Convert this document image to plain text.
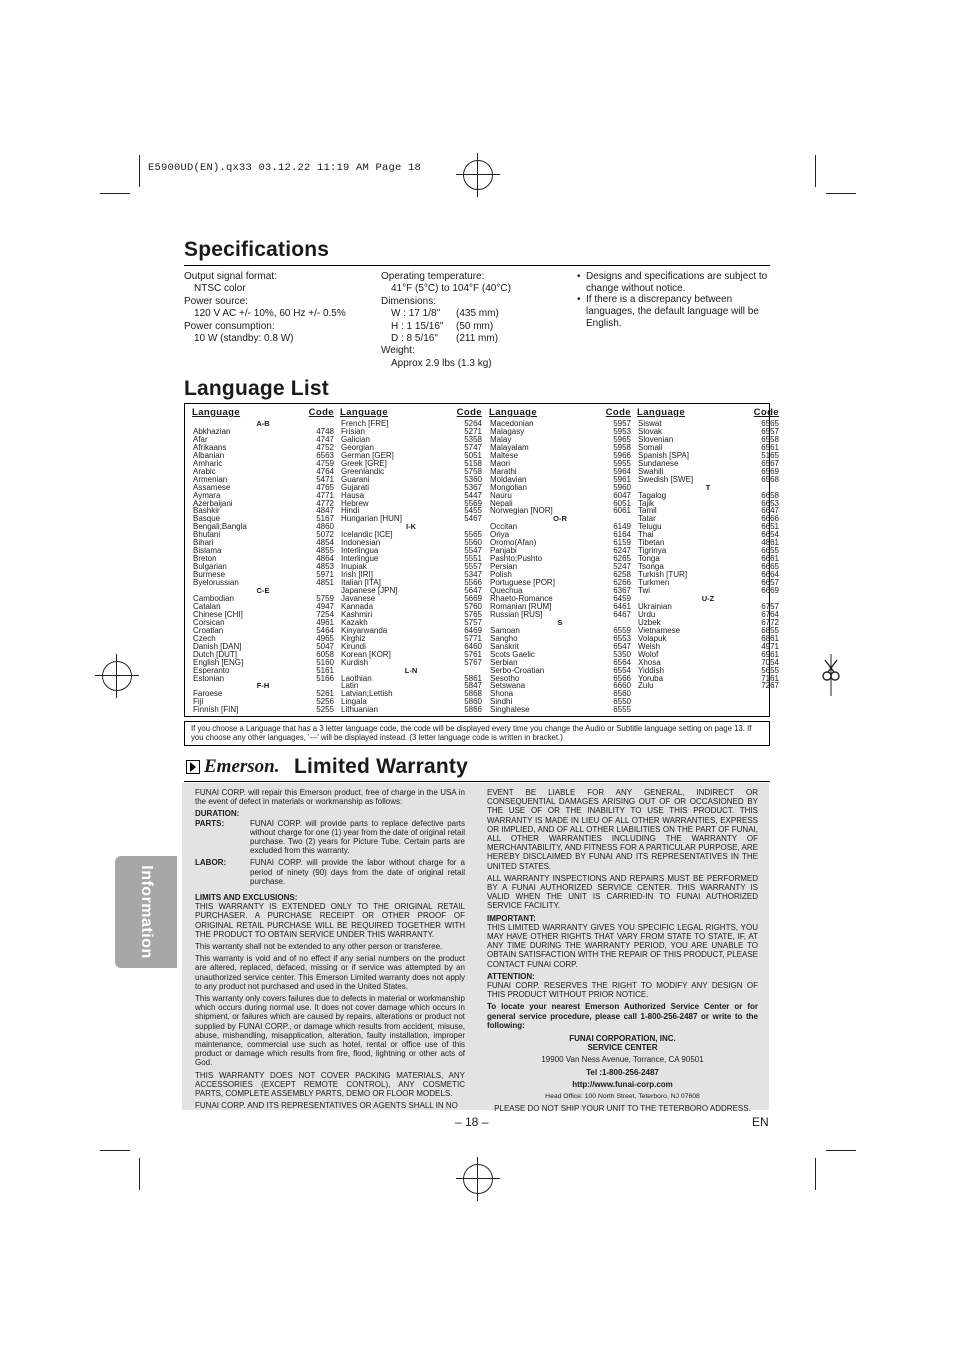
E5900UD(EN).qx33 03.12.22 11:19 AM Page 18
Specifications
Output signal format:
NTSC color
Power source:
120 V AC +/- 10%, 60 Hz +/- 0.5%
Power consumption:
10 W (standby: 0.8 W)
Operating temperature:
41°F (5°C) to 104°F (40°C)
Dimensions:
W : 17 1/8" (435 mm)
H : 1 15/16" (50 mm)
D : 8 5/16" (211 mm)
Weight:
Approx 2.9 lbs (1.3 kg)
• Designs and specifications are subject to change without notice.
• If there is a discrepancy between languages, the default language will be English.
Language List
Language	Code
A-B
Abkhazian	4748
Afar	4747
Afrikaans	4752
Albanian	6563
Amharic	4759
Arabic	4764
Armenian	5471
Assamese	4765
Aymara	4771
Azerbaijani	4772
Bashkir	4847
Basque	5167
Bengali;Bangla	4860
Bhutani	5072
Bihari	4854
Bislama	4855
Breton	4864
Bulgarian	4853
Burmese	5971
Byelorussian	4851
C-E
Cambodian	5759
Catalan	4947
Chinese [CHI]	7254
Corsican	4961
Croatian	5464
Czech	4965
Danish [DAN]	5047
Dutch [DUT]	6058
English [ENG]	5160
Esperanto	5161
Estonian	5166
F-H
Faroese	5261
Fiji	5256
Finnish [FIN]	5255
Language	Code
French [FRE]	5264
Frisian	5271
Galician	5358
Georgian	5747
German [GER]	5051
Greek [GRE]	5158
Greenlandic	5758
Guarani	5360
Gujarati	5367
Hausa	5447
Hebrew	5569
Hindi	5455
Hungarian [HUN]	5467
I-K
Icelandic [ICE]	5565
Indonesian	5560
Interlingua	5547
Interlingue	5551
Inupiak	5557
Irish [IRI]	5347
Italian [ITA]	5566
Japanese [JPN]	5647
Javanese	5669
Kannada	5760
Kashmiri	5765
Kazakh	5757
Kinyarwanda	6469
Kirghiz	5771
Kirundi	6460
Korean [KOR]	5761
Kurdish	5767
L-N
Laothian	5861
Latin	5847
Latvian;Lettish	5868
Lingala	5860
Lithuanian	5866
Language	Code
Macedonian	5957
Malagasy	5953
Malay	5965
Malayalam	5958
Maltese	5966
Maori	5955
Marathi	5964
Moldavian	5961
Mongolian	5960
Nauru	6047
Nepali	6051
Norwegian [NOR]	6061
O-R
Occitan	6149
Oriya	6164
Oromo(Afan)	6159
Panjabi	6247
Pashto;Pushto	6265
Persian	5247
Polish	6258
Portuguese [POR]	6266
Quechua	6367
Rhaeto-Romance	6459
Romanian [RUM]	6461
Russian [RUS]	6467
S
Samoan	6559
Sangho	6553
Sanskrit	6547
Scots Gaelic	5350
Serbian	6564
Serbo-Croatian	6554
Sesotho	6566
Setswana	6660
Shona	6560
Sindhi	6550
Singhalese	6555
Language	Code
Siswat	6565
Slovak	6557
Slovenian	6558
Somali	6561
Spanish [SPA]	5165
Sundanese	6567
Swahili	6569
Swedish [SWE]	6568
T
Tagalog	6658
Tajik	6653
Tamil	6647
Tatar	6666
Telugu	6651
Thai	6654
Tibetan	4861
Tigrinya	6655
Tonga	6661
Tsonga	6665
Turkish [TUR]	6664
Turkmen	6657
Twi	6669
U-Z
Ukrainian	6757
Urdu	6764
Uzbek	6772
Vietnamese	6855
Volapuk	6861
Welsh	4971
Wolof	6961
Xhosa	7054
Yiddish	5655
Yoruba	7161
Zulu	7267
If you choose a Language that has a 3 letter language code, the code will be displayed every time you change the Audio or Subtitle language setting on page 13. If you choose any other languages, '---' will be displayed instead. (3 letter language code is written in bracket.)
Emerson. Limited Warranty

FUNAI CORP. will repair this Emerson product, free of charge in the USA in the event of defect in materials or workmanship as follows:

DURATION:
PARTS:	FUNAI CORP. will provide parts to replace defective parts without charge for one (1) year from the date of original retail purchase. Two (2) years for Picture Tube. Certain parts are excluded from this warranty.
LABOR:	FUNAI CORP. will provide the labor without charge for a period of ninety (90) days from the date of original retail purchase.
LIMITS AND EXCLUSIONS:

THIS WARRANTY IS EXTENDED ONLY TO THE ORIGINAL RETAIL PURCHASER. A PURCHASE RECEIPT OR OTHER PROOF OF ORIGINAL RETAIL PURCHASE WILL BE REQUIRED TOGETHER WITH THE PRODUCT TO OBTAIN SERVICE UNDER THIS WARRANTY.

This warranty shall not be extended to any other person or transferee.

This warranty is void and of no effect if any serial numbers on the product are altered, replaced, defaced, missing or if service was attempted by an unauthorized service center. This Emerson Limited warranty does not apply to any product not purchased and used in the United States.

This warranty only covers failures due to defects in material or workmanship which occurs during normal use. It does not cover damage which occurs in shipment, or failures which are caused by repairs, alterations or product not supplied by FUNAI CORP., or damage which results from accident, misuse, abuse, mishandling, misapplication, alteration, faulty installation, improper maintenance, commercial use such as hotel, rental or office use of this product or damage which results from fire, flood, lightning or other acts of God.

THIS WARRANTY DOES NOT COVER PACKING MATERIALS, ANY ACCESSORIES (EXCEPT REMOTE CONTROL), ANY COSMETIC PARTS, COMPLETE ASSEMBLY PARTS, DEMO OR FLOOR MODELS.

FUNAI CORP. AND ITS REPRESENTATIVES OR AGENTS SHALL IN NO

EVENT BE LIABLE FOR ANY GENERAL, INDIRECT OR CONSEQUENTIAL DAMAGES ARISING OUT OF OR OCCASIONED BY THE USE OF OR THE INABILITY TO USE THIS PRODUCT. THIS WARRANTY IS MADE IN LIEU OF ALL OTHER WARRANTIES, EXPRESS OR IMPLIED, AND OF ALL OTHER LIABILITIES ON THE PART OF FUNAI, ALL OTHER WARRANTIES INCLUDING THE WARRANTY OF MERCHANTABILITY, AND FITNESS FOR A PARTICULAR PURPOSE, ARE HEREBY DISCLAIMED BY FUNAI AND ITS REPRESENTATIVES IN THE UNITED STATES.

ALL WARRANTY INSPECTIONS AND REPAIRS MUST BE PERFORMED BY A FUNAI AUTHORIZED SERVICE CENTER. THIS WARRANTY IS VALID WHEN THE UNIT IS CARRIED-IN TO FUNAI AUTHORIZED SERVICE FACILITY.

IMPORTANT:

THIS LIMITED WARRANTY GIVES YOU SPECIFIC LEGAL RIGHTS, YOU MAY HAVE OTHER RIGHTS THAT VARY FROM STATE TO STATE, IF, AT ANY TIME DURING THE WARRANTY PERIOD, YOU ARE UNABLE TO OBTAIN SATISFACTION WITH THE REPAIR OF THIS PRODUCT, PLEASE CONTACT FUNAI CORP.

ATTENTION:

FUNAI CORP. RESERVES THE RIGHT TO MODIFY ANY DESIGN OF THIS PRODUCT WITHOUT PRIOR NOTICE.

To locate your nearest Emerson Authorized Service Center or for general service procedure, please call 1-800-256-2487 or write to the following:

FUNAI CORPORATION, INC.
SERVICE CENTER
19900 Van Ness Avenue, Torrance, CA 90501
Tel :1-800-256-2487
http://www.funai-corp.com
Head Office: 100 North Street, Teterboro, NJ 07608
PLEASE DO NOT SHIP YOUR UNIT TO THE TETERBORO ADDRESS.
Information
– 18 –	EN
